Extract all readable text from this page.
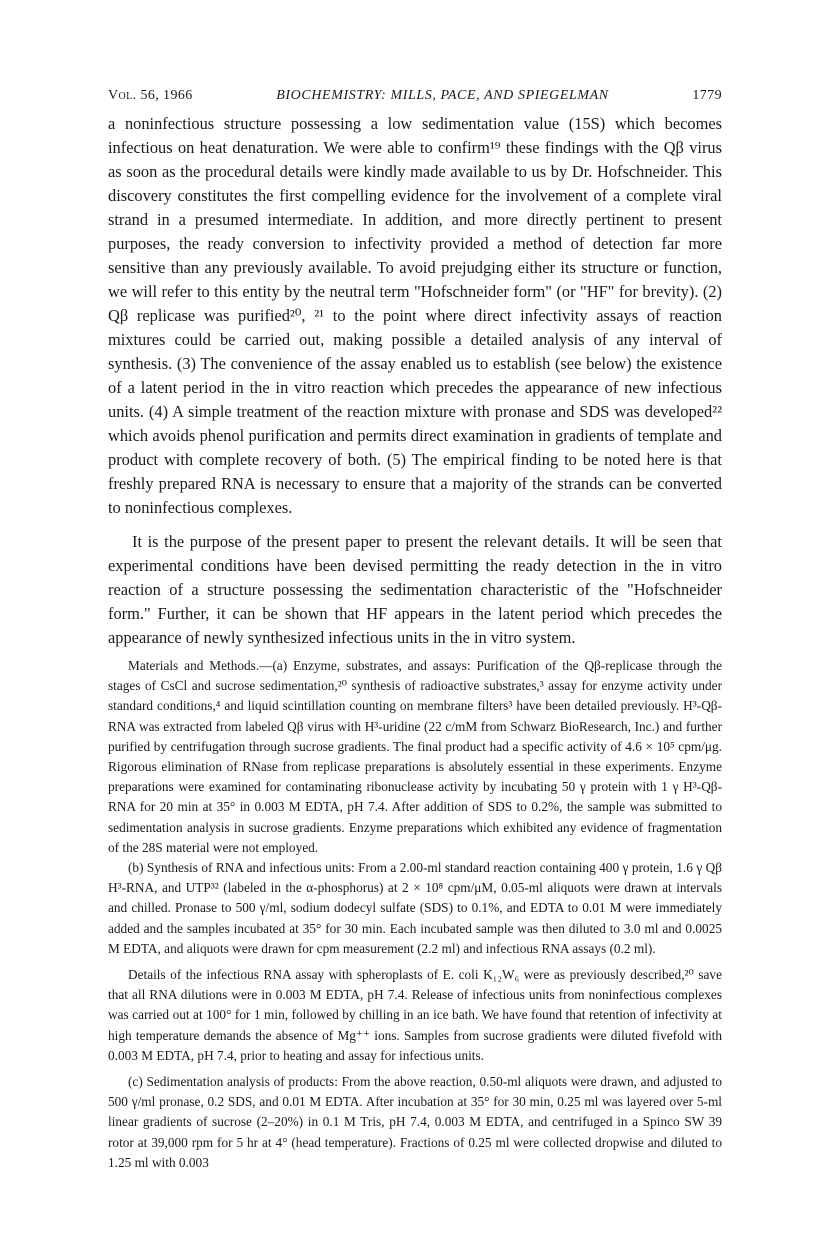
Vol. 56, 1966	BIOCHEMISTRY: MILLS, PACE, AND SPIEGELMAN	1779

a noninfectious structure possessing a low sedimentation value (15S) which becomes infectious on heat denaturation. We were able to confirm¹⁹ these findings with the Qβ virus as soon as the procedural details were kindly made available to us by Dr. Hofschneider. This discovery constitutes the first compelling evidence for the involvement of a complete viral strand in a presumed intermediate. In addition, and more directly pertinent to present purposes, the ready conversion to infectivity provided a method of detection far more sensitive than any previously available. To avoid prejudging either its structure or function, we will refer to this entity by the neutral term "Hofschneider form" (or "HF" for brevity). (2) Qβ replicase was purified²⁰, ²¹ to the point where direct infectivity assays of reaction mixtures could be carried out, making possible a detailed analysis of any interval of synthesis. (3) The convenience of the assay enabled us to establish (see below) the existence of a latent period in the in vitro reaction which precedes the appearance of new infectious units. (4) A simple treatment of the reaction mixture with pronase and SDS was developed²² which avoids phenol purification and permits direct examination in gradients of template and product with complete recovery of both. (5) The empirical finding to be noted here is that freshly prepared RNA is necessary to ensure that a majority of the strands can be converted to noninfectious complexes.

It is the purpose of the present paper to present the relevant details. It will be seen that experimental conditions have been devised permitting the ready detection in the in vitro reaction of a structure possessing the sedimentation characteristic of the "Hofschneider form." Further, it can be shown that HF appears in the latent period which precedes the appearance of newly synthesized infectious units in the in vitro system.

Materials and Methods.—(a) Enzyme, substrates, and assays: Purification of the Qβ-replicase through the stages of CsCl and sucrose sedimentation,²⁰ synthesis of radioactive substrates,³ assay for enzyme activity under standard conditions,⁴ and liquid scintillation counting on membrane filters³ have been detailed previously. H³-Qβ-RNA was extracted from labeled Qβ virus with H³-uridine (22 c/mM from Schwarz BioResearch, Inc.) and further purified by centrifugation through sucrose gradients. The final product had a specific activity of 4.6 × 10⁵ cpm/μg. Rigorous elimination of RNase from replicase preparations is absolutely essential in these experiments. Enzyme preparations were examined for contaminating ribonuclease activity by incubating 50 γ protein with 1 γ H³-Qβ-RNA for 20 min at 35° in 0.003 M EDTA, pH 7.4. After addition of SDS to 0.2%, the sample was submitted to sedimentation analysis in sucrose gradients. Enzyme preparations which exhibited any evidence of fragmentation of the 28S material were not employed.

(b) Synthesis of RNA and infectious units: From a 2.00-ml standard reaction containing 400 γ protein, 1.6 γ Qβ H³-RNA, and UTP³² (labeled in the α-phosphorus) at 2 × 10⁸ cpm/μM, 0.05-ml aliquots were drawn at intervals and chilled. Pronase to 500 γ/ml, sodium dodecyl sulfate (SDS) to 0.1%, and EDTA to 0.01 M were immediately added and the samples incubated at 35° for 30 min. Each incubated sample was then diluted to 3.0 ml and 0.0025 M EDTA, and aliquots were drawn for cpm measurement (2.2 ml) and infectious RNA assays (0.2 ml).

Details of the infectious RNA assay with spheroplasts of E. coli K₁₂W₆ were as previously described,²⁰ save that all RNA dilutions were in 0.003 M EDTA, pH 7.4. Release of infectious units from noninfectious complexes was carried out at 100° for 1 min, followed by chilling in an ice bath. We have found that retention of infectivity at high temperature demands the absence of Mg⁺⁺ ions. Samples from sucrose gradients were diluted fivefold with 0.003 M EDTA, pH 7.4, prior to heating and assay for infectious units.

(c) Sedimentation analysis of products: From the above reaction, 0.50-ml aliquots were drawn, and adjusted to 500 γ/ml pronase, 0.2 SDS, and 0.01 M EDTA. After incubation at 35° for 30 min, 0.25 ml was layered over 5-ml linear gradients of sucrose (2–20%) in 0.1 M Tris, pH 7.4, 0.003 M EDTA, and centrifuged in a Spinco SW 39 rotor at 39,000 rpm for 5 hr at 4° (head temperature). Fractions of 0.25 ml were collected dropwise and diluted to 1.25 ml with 0.003
